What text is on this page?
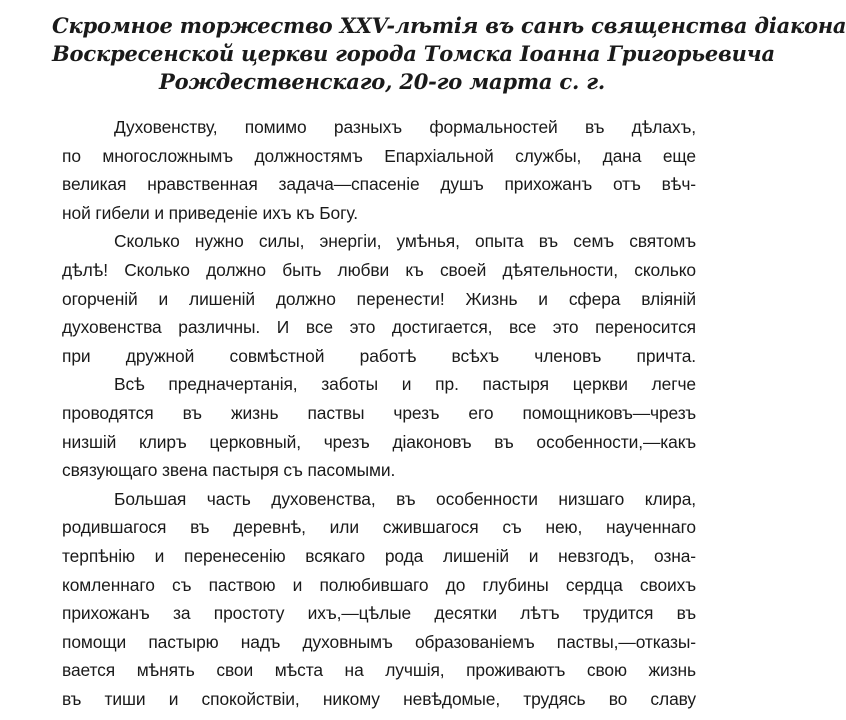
Скромное торжество XXV-лѣтія въ санѣ священства діакона
Воскресенской церкви города Томска Іоанна Григорьевича
Рождественскаго, 20-го марта с. г.

Духовенству, помимо разныхъ формальностей въ дѣлахъ,
по многосложнымъ должностямъ Епархіальной службы, дана еще
великая нравственная задача—спасеніе душъ прихожанъ отъ вѣч-
ной гибели и приведеніе ихъ къ Богу.

Сколько нужно силы, энергіи, умѣнья, опыта въ семъ святомъ
дѣлѣ! Сколько должно быть любви къ своей дѣятельности, сколько
огорченій и лишеній должно перенести! Жизнь и сфера вліяній
духовенства различны. И все это достигается, все это переносится
при дружной совмѣстной работѣ всѣхъ членовъ причта.

Всѣ предначертанія, заботы и пр. пастыря церкви легче
проводятся въ жизнь паствы чрезъ его помощниковъ—чрезъ
низшій клиръ церковный, чрезъ діаконовъ въ особенности,—какъ
связующаго звена пастыря съ пасомыми.

Большая часть духовенства, въ особенности низшаго клира,
родившагося въ деревнѣ, или сжившагося съ нею, наученнаго
терпѣнію и перенесенію всякаго рода лишеній и невзгодъ, озна-
комленнаго съ паствою и полюбившаго до глубины сердца своихъ
прихожанъ за простоту ихъ,—цѣлые десятки лѣтъ трудится въ
помощи пастырю надъ духовнымъ образованіемъ паствы,—отказы-
вается мѣнять свои мѣста на лучшія, проживаютъ свою жизнь
въ тиши и спокойствіи, никому невѣдомые, трудясь во славу
